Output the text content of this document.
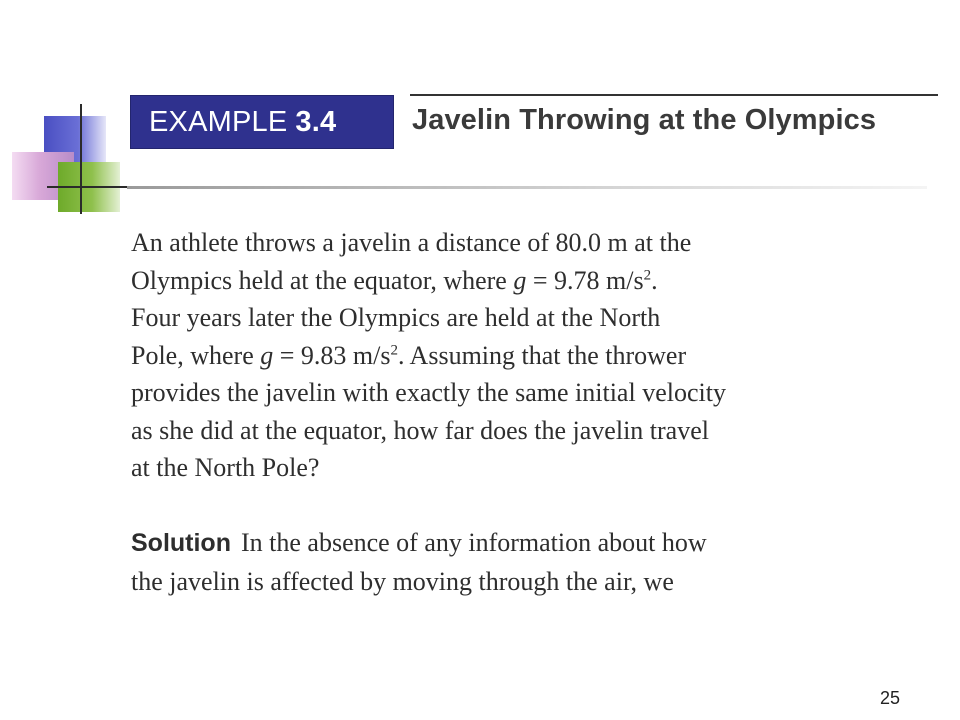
EXAMPLE 3.4	Javelin Throwing at the Olympics
An athlete throws a javelin a distance of 80.0 m at the
Olympics held at the equator, where g = 9.78 $m/s^2$.
Four years later the Olympics are held at the North
Pole, where g = 9.83 $m/s^2$. Assuming that the thrower
provides the javelin with exactly the same initial velocity
as she did at the equator, how far does the javelin travel
at the North Pole?
Solution In the absence of any information about how
the javelin is affected by moving through the air, we
25
